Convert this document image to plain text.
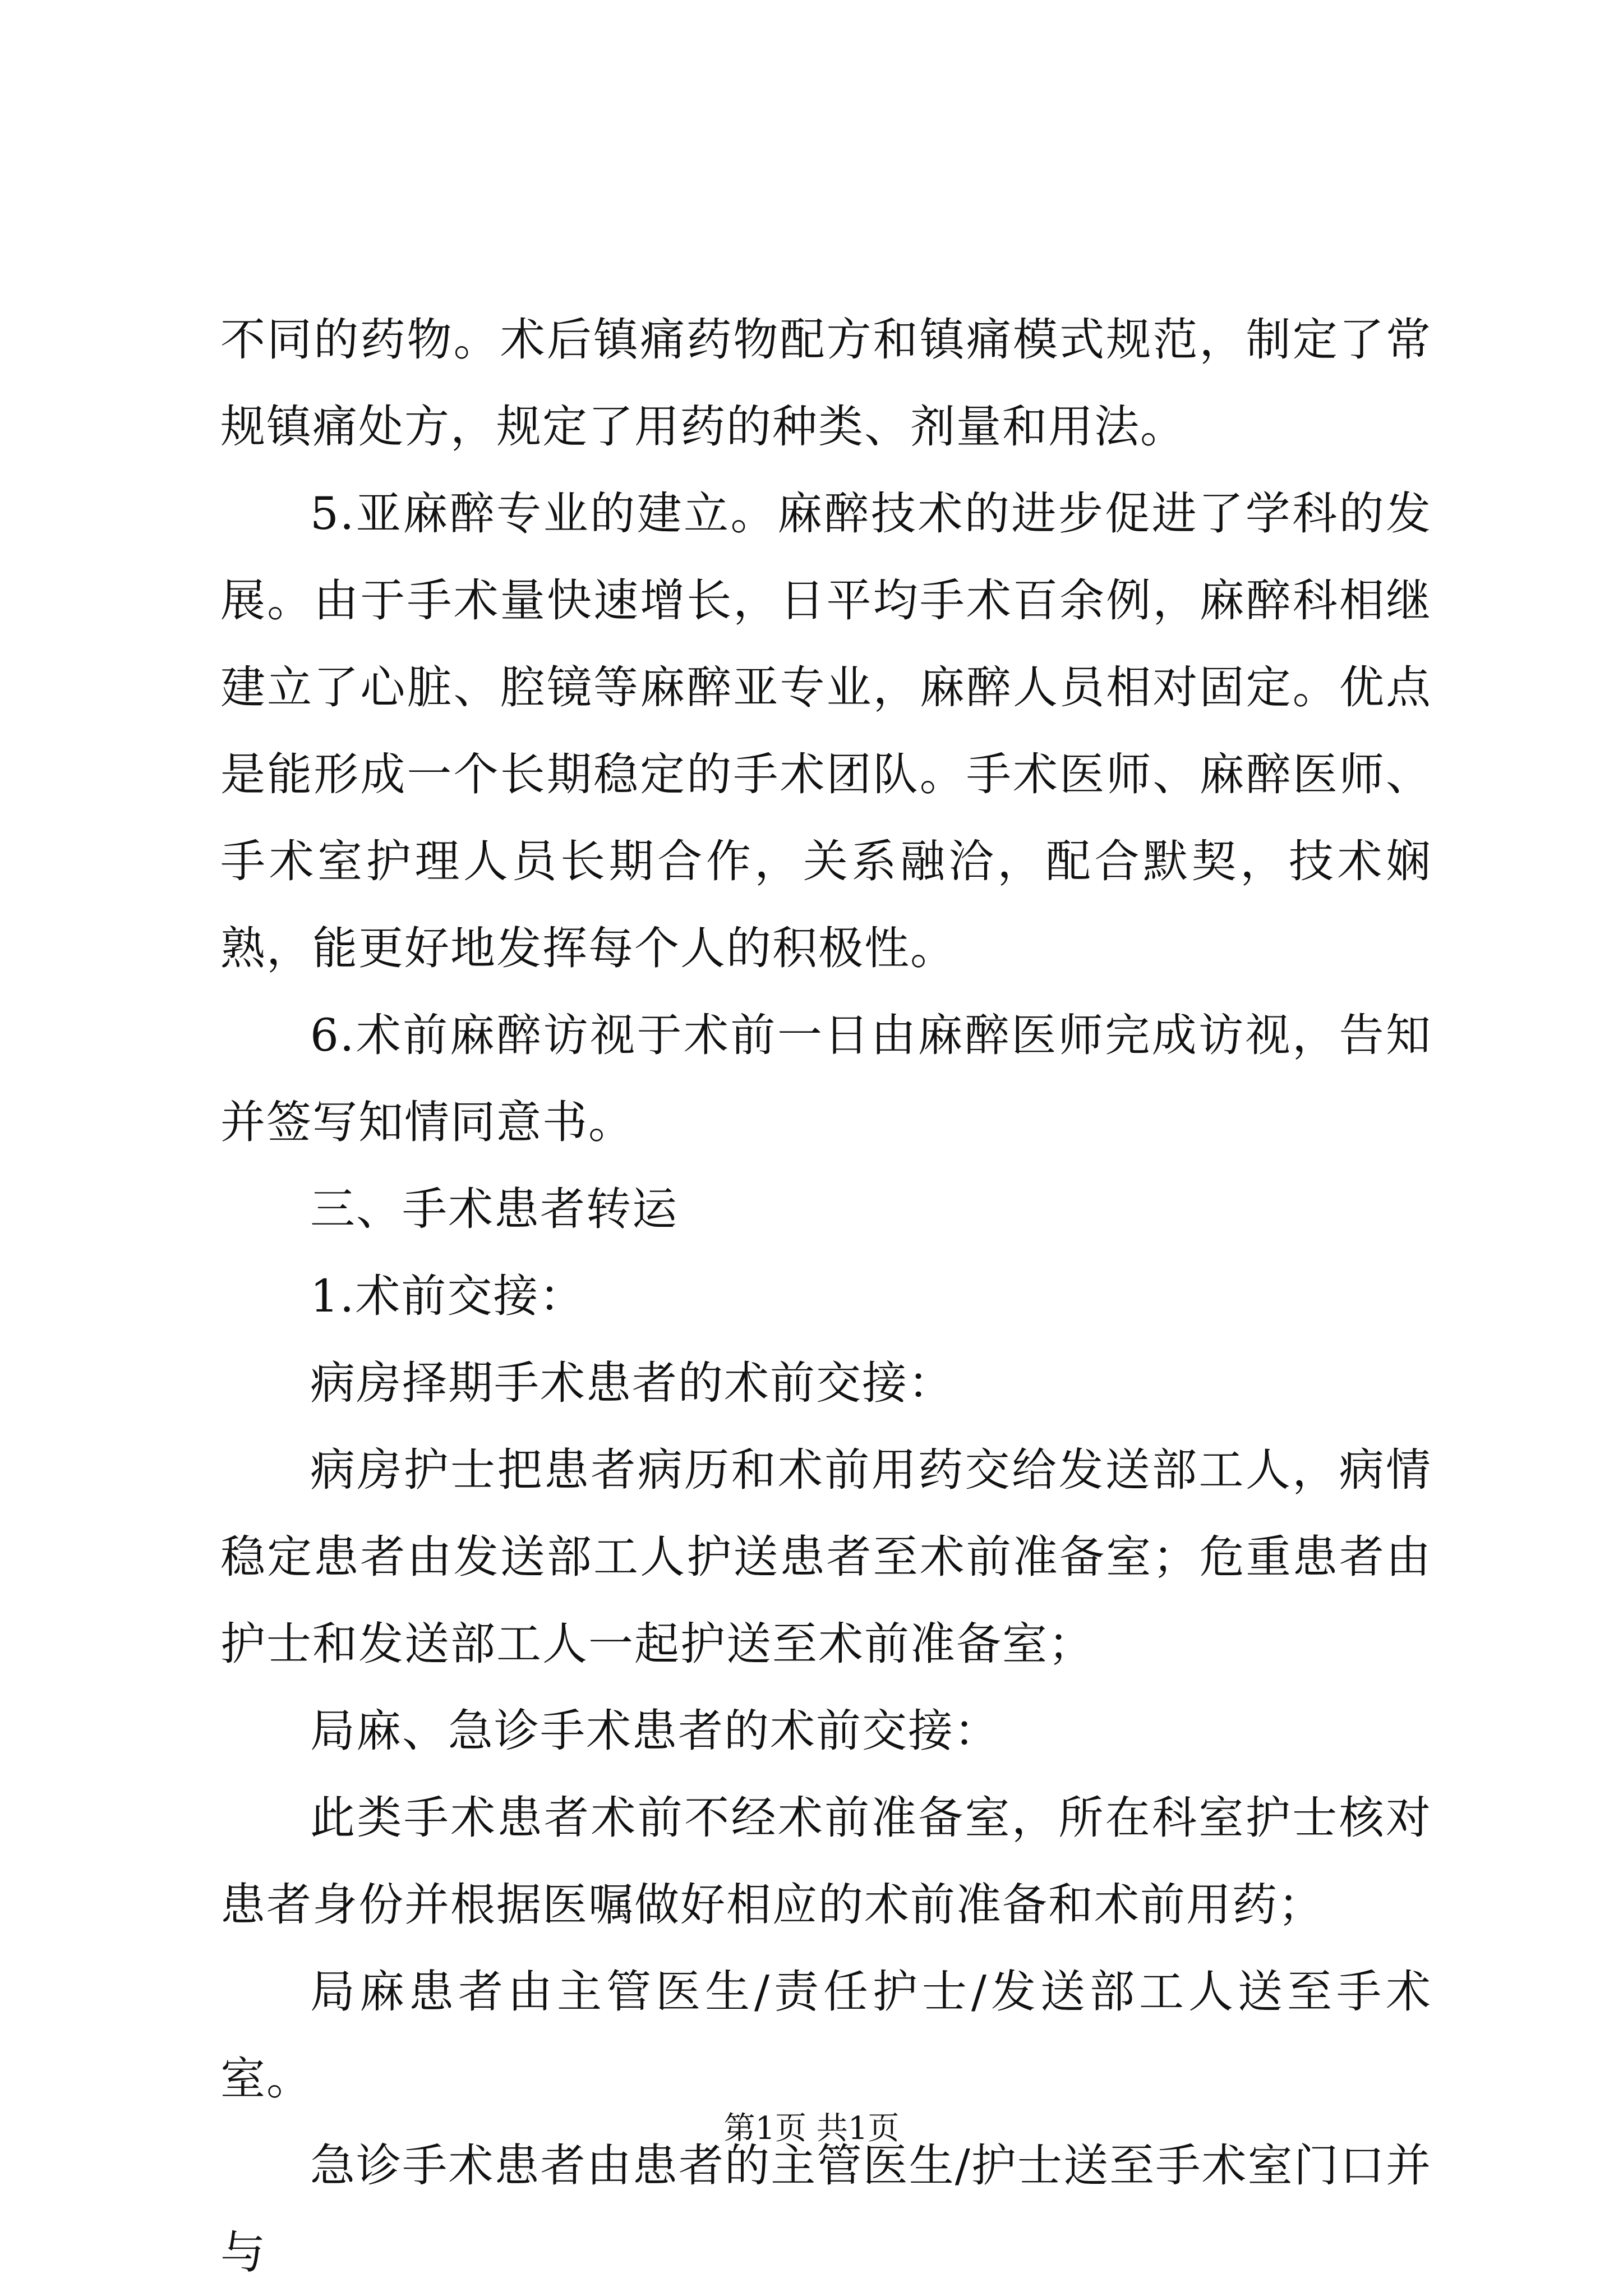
不同的药物。术后镇痛药物配方和镇痛模式规范，制定了常规镇痛处方，规定了用药的种类、剂量和用法。

5.亚麻醉专业的建立。麻醉技术的进步促进了学科的发展。由于手术量快速增长，日平均手术百余例，麻醉科相继建立了心脏、腔镜等麻醉亚专业，麻醉人员相对固定。优点是能形成一个长期稳定的手术团队。手术医师、麻醉医师、手术室护理人员长期合作，关系融洽，配合默契，技术娴熟，能更好地发挥每个人的积极性。

6.术前麻醉访视于术前一日由麻醉医师完成访视，告知并签写知情同意书。

三、手术患者转运

1.术前交接：

病房择期手术患者的术前交接：

病房护士把患者病历和术前用药交给发送部工人，病情稳定患者由发送部工人护送患者至术前准备室；危重患者由护士和发送部工人一起护送至术前准备室；

局麻、急诊手术患者的术前交接：

此类手术患者术前不经术前准备室，所在科室护士核对患者身份并根据医嘱做好相应的术前准备和术前用药；

局麻患者由主管医生/责任护士/发送部工人送至手术室。

急诊手术患者由患者的主管医生/护士送至手术室门口并与

第1页 共1页
